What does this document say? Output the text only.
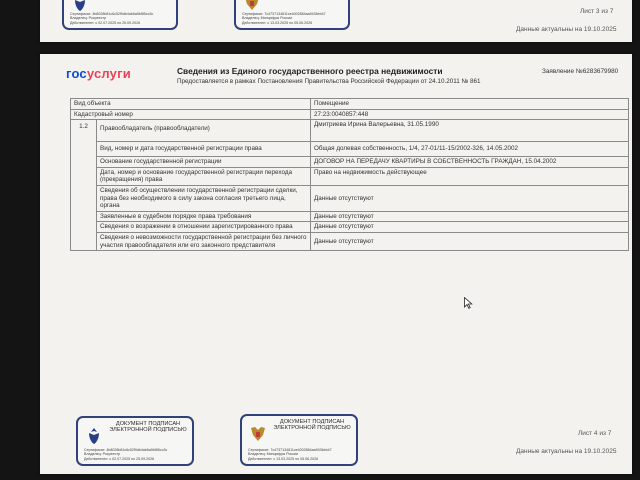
Сертификат: 4b8028b81c6c52f9db4ab6a5bf85cc3c
Владелец: Росреестр
Действителен: с 02.07.2025 по 25.09.2026
Сертификат: 7c4737134811ce4002884aa9436eb47
Владелец: Минцифры России
Действителен: с 13.03.2025 по 05.06.2026
Лист 3 из 7
Данные актуальны на 19.10.2025
госуслуги	Сведения из Единого государственного реестра недвижимости
Предоставляется в рамках Постановления Правительства Российской Федерации от 24.10.2011 № 861
Заявление №6283679980
Вид объекта		Помещение
Кадастровый номер		27:23:0040857:448
1.2	Правообладатель (правообладатели)	Дмитриева Ирина Валерьевна, 31.05.1990
	Вид, номер и дата государственной регистрации права	Общая долевая собственность, 1/4, 27-01/11-15/2002-326, 14.05.2002
	Основание государственной регистрации	ДОГОВОР НА ПЕРЕДАЧУ КВАРТИРЫ В СОБСТВЕННОСТЬ ГРАЖДАН, 15.04.2002
	Дата, номер и основание государственной регистрации перехода (прекращения) права	Право на недвижимость действующее
	Сведения об осуществлении государственной регистрации сделки, права без необходимого в силу закона согласия третьего лица, органа	Данные отсутствуют
	Заявленные в судебном порядке права требования	Данные отсутствуют
	Сведения о возражении в отношении зарегистрированного права	Данные отсутствуют
	Сведения о невозможности государственной регистрации без личного участия правообладателя или его законного представителя	Данные отсутствуют
ДОКУМЕНТ ПОДПИСАН ЭЛЕКТРОННОЙ ПОДПИСЬЮ
Сертификат: 4b8028b81c6c52f9db4ab6a5bf85cc3c
Владелец: Росреестр
Действителен: с 02.07.2025 по 25.09.2026
ДОКУМЕНТ ПОДПИСАН ЭЛЕКТРОННОЙ ПОДПИСЬЮ
Сертификат: 7c4737134811ce4002884aa9436eb47
Владелец: Минцифры России
Действителен: с 13.03.2025 по 05.06.2026
Лист 4 из 7
Данные актуальны на 19.10.2025
